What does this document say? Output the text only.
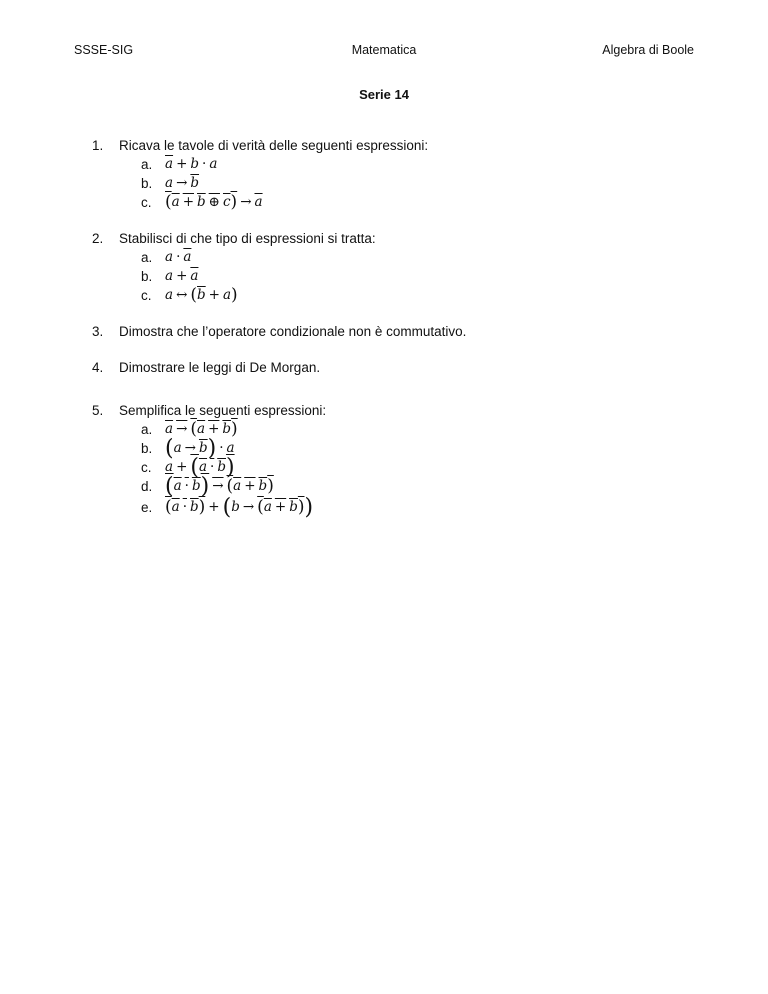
SSSE-SIG	Matematica	Algebra di Boole
Serie 14
1.	Ricava le tavole di verità delle seguenti espressioni:
a. $\overline{a} + b \cdot a$
b. $a \to \overline{b}$
c. (a + b ⊕ $c) \to \overline{a}$
2.	Stabilisci di che tipo di espressioni si tratta:
a. $a \cdot \overline{a}$
b. $a + \overline{a}$
c. a ↔ $(\overline{b} + a)$
3.	Dimostra che l’operatore condizionale non è commutativo.
4.	Dimostrare le leggi di De Morgan.
5.	Semplifica le seguenti espressioni:
a. a → (a + b)
b. $(a \to \overline{b}) \cdot a$
c. a + (a · b)
d. (a · b) → (a + b)
e. (a · b) + (b → (a + b))
